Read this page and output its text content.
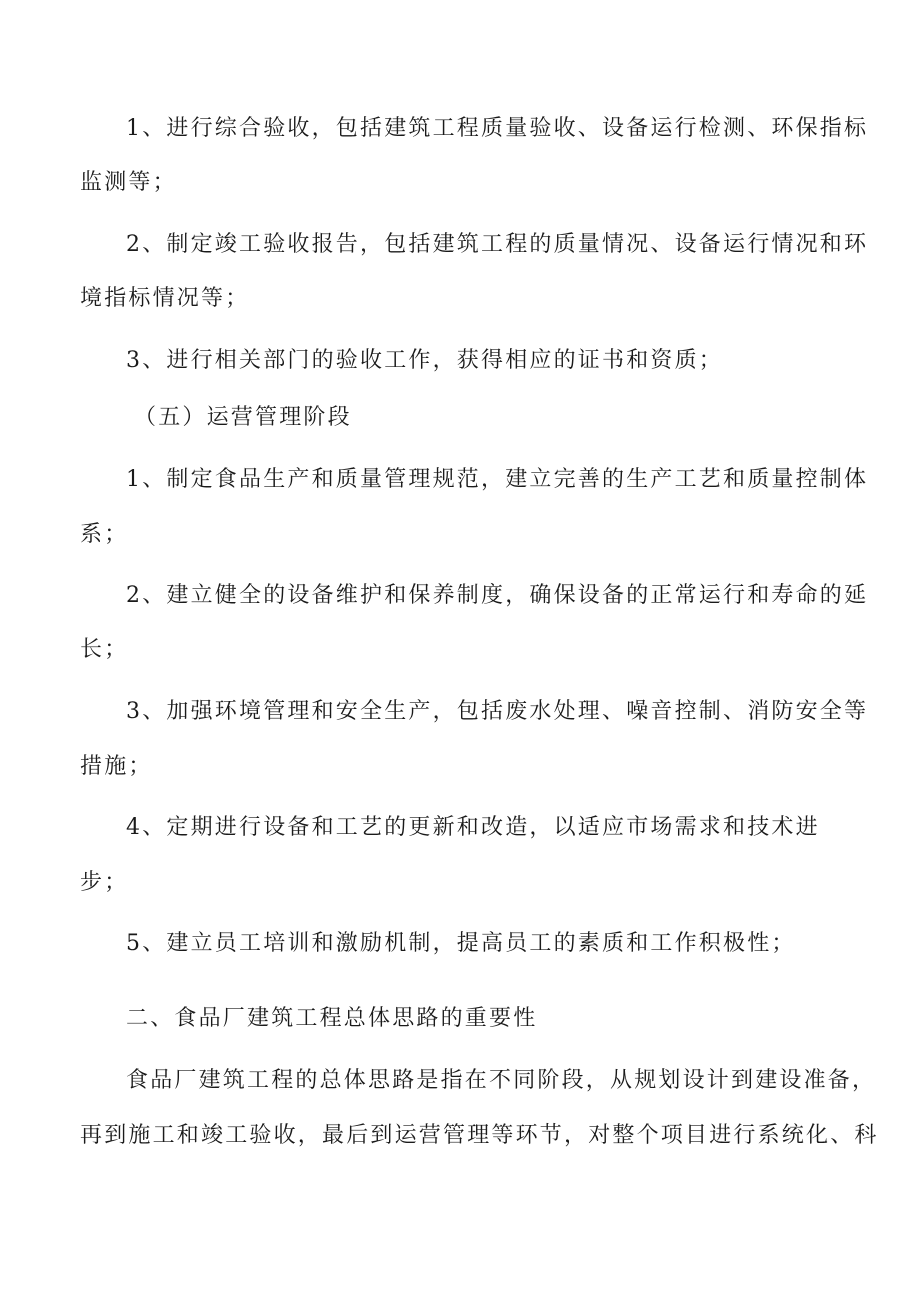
1、进行综合验收，包括建筑工程质量验收、设备运行检测、环保指标
监测等；
2、制定竣工验收报告，包括建筑工程的质量情况、设备运行情况和环
境指标情况等；
3、进行相关部门的验收工作，获得相应的证书和资质；
（五）运营管理阶段
1、制定食品生产和质量管理规范，建立完善的生产工艺和质量控制体
系；
2、建立健全的设备维护和保养制度，确保设备的正常运行和寿命的延
长；
3、加强环境管理和安全生产，包括废水处理、噪音控制、消防安全等
措施；
4、定期进行设备和工艺的更新和改造，以适应市场需求和技术进
步；
5、建立员工培训和激励机制，提高员工的素质和工作积极性；
二、食品厂建筑工程总体思路的重要性
食品厂建筑工程的总体思路是指在不同阶段，从规划设计到建设准备，
再到施工和竣工验收，最后到运营管理等环节，对整个项目进行系统化、科
